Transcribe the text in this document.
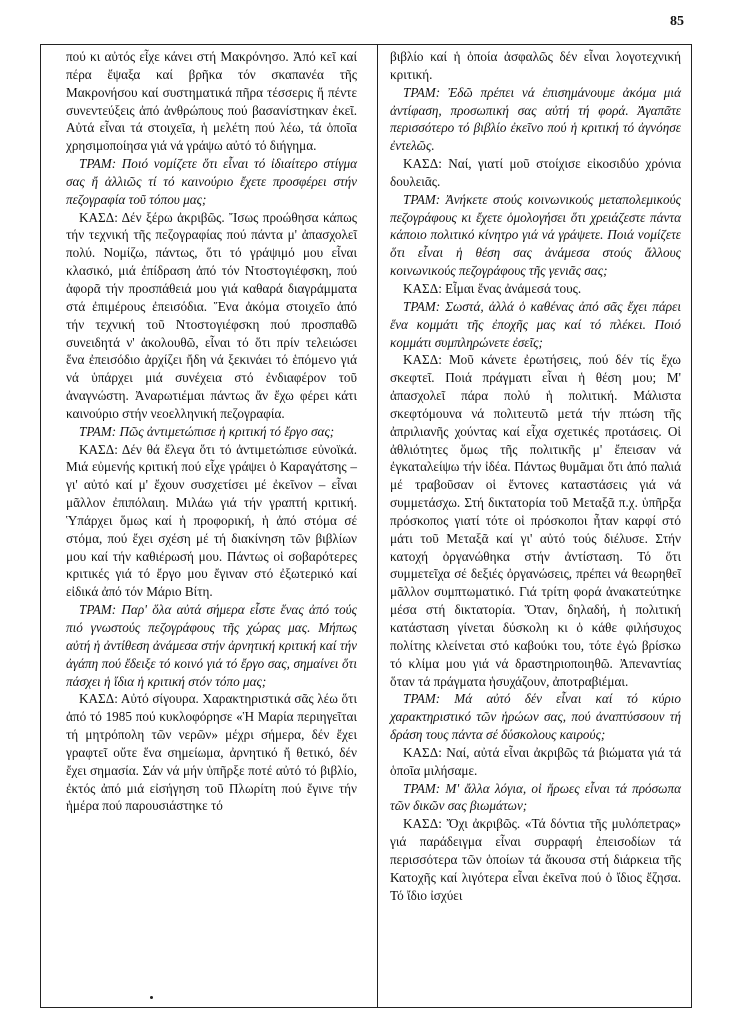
85

πού κι αὐτός εἶχε κάνει στή Μακρόνησο. Ἀπό κεῖ καί πέρα ἔψαξα καί βρῆκα τόν σκαπανέα τῆς Μακρονήσου καί συστηματικά πῆρα τέσσερις ἤ πέντε συνεντεύξεις ἀπό ἀνθρώπους πού βασανίστηκαν ἐκεῖ. Αὐτά εἶναι τά στοιχεῖα, ἡ μελέτη πού λέω, τά ὁποῖα χρησιμοποίησα γιά νά γράψω αὐτό τό διήγημα.

ΤΡΑΜ: Ποιό νομίζετε ὅτι εἶναι τό ἰδιαίτερο στίγμα σας ἤ ἀλλιῶς τί τό καινούριο ἔχετε προσφέρει στήν πεζογραφία τοῦ τόπου μας;

ΚΑΣΔ: Δέν ξέρω ἀκριβῶς. Ἴσως προώθησα κάπως τήν τεχνική τῆς πεζογραφίας πού πάντα μ' ἀπασχολεῖ πολύ. Νομίζω, πάντως, ὅτι τό γράψιμό μου εἶναι κλασικό, μιά ἐπίδραση ἀπό τόν Ντοστογιέφσκη, πού ἀφορᾶ τήν προσπάθειά μου γιά καθαρά διαγράμματα στά ἐπιμέρους ἐπεισόδια. Ἕνα ἀκόμα στοιχεῖο ἀπό τήν τεχνική τοῦ Ντοστογιέφσκη πού προσπαθῶ συνειδητά ν' ἀκολουθῶ, εἶναι τό ὅτι πρίν τελειώσει ἕνα ἐπεισόδιο ἀρχίζει ἤδη νά ξεκινάει τό ἑπόμενο γιά νά ὑπάρχει μιά συνέχεια στό ἐνδιαφέρον τοῦ ἀναγνώστη. Ἀναρωτιέμαι πάντως ἄν ἔχω φέρει κάτι καινούριο στήν νεοελληνική πεζογραφία.

ΤΡΑΜ: Πῶς ἀντιμετώπισε ἡ κριτική τό ἔργο σας;

ΚΑΣΔ: Δέν θά ἔλεγα ὅτι τό ἀντιμετώπισε εὐνοϊκά. Μιά εὐμενής κριτική πού εἶχε γράψει ὁ Καραγάτσης – γι' αὐτό καί μ' ἔχουν συσχετίσει μέ ἐκεῖνον – εἶναι μᾶλλον ἐπιπόλαιη. Μιλάω γιά τήν γραπτή κριτική. Ὑπάρχει ὅμως καί ἡ προφορική, ἡ ἀπό στόμα σέ στόμα, πού ἔχει σχέση μέ τή διακίνηση τῶν βιβλίων μου καί τήν καθιέρωσή μου. Πάντως οἱ σοβαρότερες κριτικές γιά τό ἔργο μου ἔγιναν στό ἐξωτερικό καί εἰδικά ἀπό τόν Μάριο Βίτη.

ΤΡΑΜ: Παρ' ὅλα αὐτά σήμερα εἶστε ἕνας ἀπό τούς πιό γνωστούς πεζογράφους τῆς χώρας μας. Μήπως αὐτή ἡ ἀντίθεση ἀνάμεσα στήν ἀρνητική κριτική καί τήν ἀγάπη πού ἔδειξε τό κοινό γιά τό ἔργο σας, σημαίνει ὅτι πάσχει ἡ ἴδια ἡ κριτική στόν τόπο μας;

ΚΑΣΔ: Αὐτό σίγουρα. Χαρακτηριστικά σᾶς λέω ὅτι ἀπό τό 1985 πού κυκλοφόρησε «Ἡ Μαρία περιηγεῖται τή μητρόπολη τῶν νερῶν» μέχρι σήμερα, δέν ἔχει γραφτεῖ οὔτε ἕνα σημείωμα, ἀρνητικό ἤ θετικό, δέν ἔχει σημασία. Σάν νά μήν ὑπῆρξε ποτέ αὐτό τό βιβλίο, ἐκτός ἀπό μιά εἰσήγηση τοῦ Πλωρίτη πού ἔγινε τήν ἡμέρα πού παρουσιάστηκε τό

βιβλίο καί ἡ ὁποία ἀσφαλῶς δέν εἶναι λογοτεχνική κριτική.

ΤΡΑΜ: Ἐδῶ πρέπει νά ἐπισημάνουμε ἀκόμα μιά ἀντίφαση, προσωπική σας αὐτή τή φορά. Ἀγαπᾶτε περισσότερο τό βιβλίο ἐκεῖνο πού ἡ κριτική τό ἀγνόησε ἐντελῶς.

ΚΑΣΔ: Ναί, γιατί μοῦ στοίχισε εἰκοσιδύο χρόνια δουλειᾶς.

ΤΡΑΜ: Ἀνήκετε στούς κοινωνικούς μεταπολεμικούς πεζογράφους κι ἔχετε ὁμολογήσει ὅτι χρειάζεστε πάντα κάποιο πολιτικό κίνητρο γιά νά γράψετε. Ποιά νομίζετε ὅτι εἶναι ἡ θέση σας ἀνάμεσα στούς ἄλλους κοινωνικούς πεζογράφους τῆς γενιᾶς σας;

ΚΑΣΔ: Εἶμαι ἕνας ἀνάμεσά τους.

ΤΡΑΜ: Σωστά, ἀλλά ὁ καθένας ἀπό σᾶς ἔχει πάρει ἕνα κομμάτι τῆς ἐποχῆς μας καί τό πλέκει. Ποιό κομμάτι συμπληρώνετε ἐσεῖς;

ΚΑΣΔ: Μοῦ κάνετε ἐρωτήσεις, πού δέν τίς ἔχω σκεφτεῖ. Ποιά πράγματι εἶναι ἡ θέση μου; Μ' ἀπασχολεῖ πάρα πολύ ἡ πολιτική. Μάλιστα σκεφτόμουνα νά πολιτευτῶ μετά τήν πτώση τῆς ἀπριλιανῆς χούντας καί εἶχα σχετικές προτάσεις. Οἱ ἀθλιότητες ὅμως τῆς πολιτικῆς μ' ἔπεισαν νά ἐγκαταλείψω τήν ἰδέα. Πάντως θυμᾶμαι ὅτι ἀπό παλιά μέ τραβοῦσαν οἱ ἔντονες καταστάσεις γιά νά συμμετάσχω. Στή δικτατορία τοῦ Μεταξᾶ π.χ. ὑπῆρξα πρόσκοπος γιατί τότε οἱ πρόσκοποι ἦταν καρφί στό μάτι τοῦ Μεταξᾶ καί γι' αὐτό τούς διέλυσε. Στήν κατοχή ὀργανώθηκα στήν ἀντίσταση. Τό ὅτι συμμετεῖχα σέ δεξιές ὀργανώσεις, πρέπει νά θεωρηθεῖ μᾶλλον συμπτωματικό. Γιά τρίτη φορά ἀνακατεύτηκε μέσα στή δικτατορία. Ὅταν, δηλαδή, ἡ πολιτική κατάσταση γίνεται δύσκολη κι ὁ κάθε φιλήσυχος πολίτης κλείνεται στό καβούκι του, τότε ἐγώ βρίσκω τό κλίμα μου γιά νά δραστηριοποιηθῶ. Ἀπεναντίας ὅταν τά πράγματα ἡσυχάζουν, ἀποτραβιέμαι.

ΤΡΑΜ: Μά αὐτό δέν εἶναι καί τό κύριο χαρακτηριστικό τῶν ἡρώων σας, πού ἀναπτύσσουν τή δράση τους πάντα σέ δύσκολους καιρούς;

ΚΑΣΔ: Ναί, αὐτά εἶναι ἀκριβῶς τά βιώματα γιά τά ὁποῖα μιλήσαμε.

ΤΡΑΜ: Μ' ἄλλα λόγια, οἱ ἥρωες εἶναι τά πρόσωπα τῶν δικῶν σας βιωμάτων;

ΚΑΣΔ: Ὄχι ἀκριβῶς. «Τά δόντια τῆς μυλόπετρας» γιά παράδειγμα εἶναι συρραφή ἐπεισοδίων τά περισσότερα τῶν ὁποίων τά ἄκουσα στή διάρκεια τῆς Κατοχῆς καί λιγότερα εἶναι ἐκεῖνα πού ὁ ἴδιος ἔζησα. Τό ἴδιο ἰσχύει
